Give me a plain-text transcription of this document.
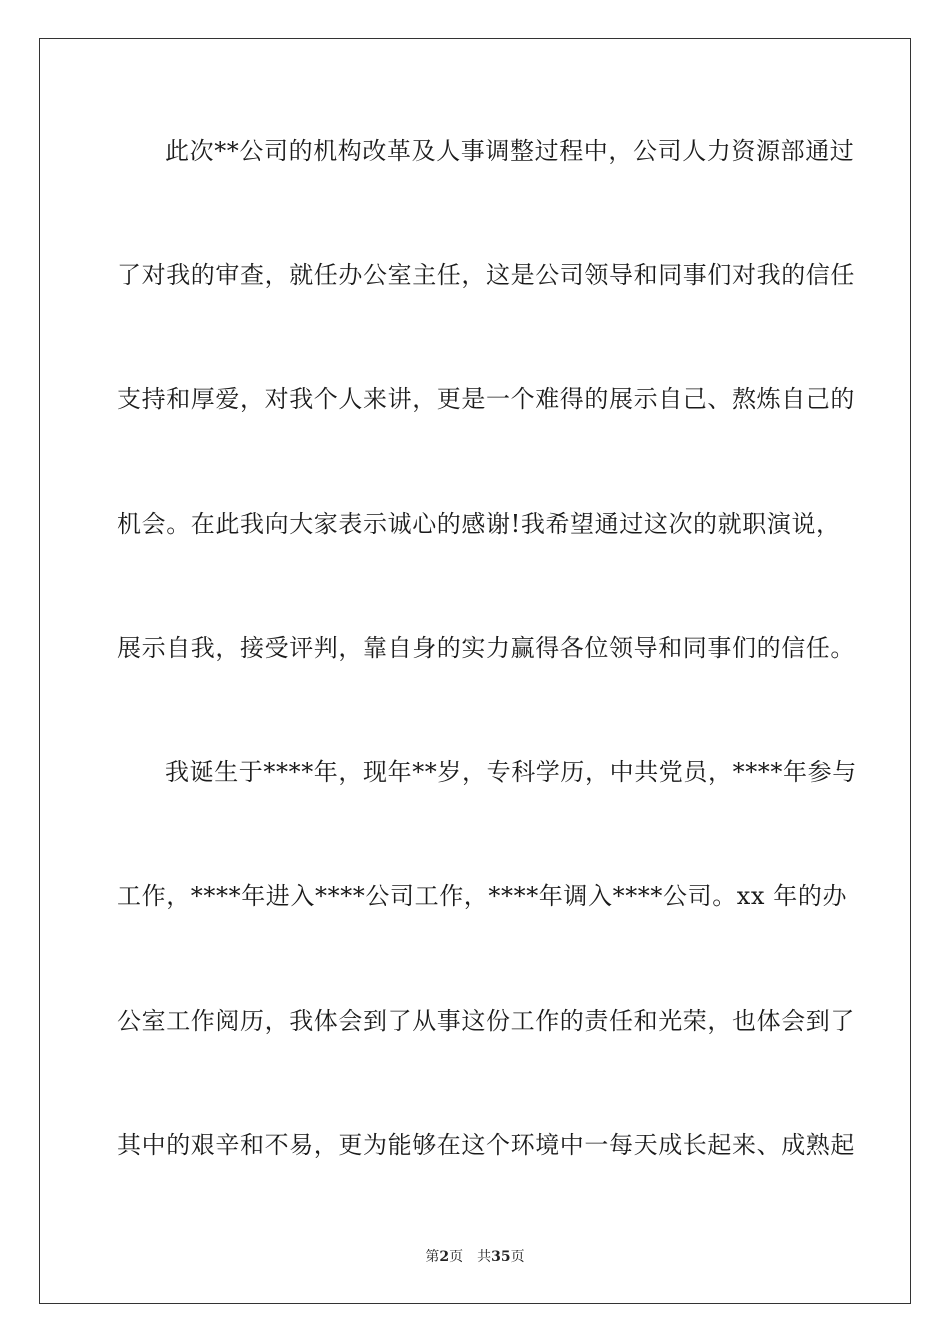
此次**公司的机构改革及人事调整过程中，公司人力资源部通过
了对我的审查，就任办公室主任，这是公司领导和同事们对我的信任
支持和厚爱，对我个人来讲，更是一个难得的展示自己、熬炼自己的
机会。在此我向大家表示诚心的感谢!我希望通过这次的就职演说，
展示自我，接受评判，靠自身的实力赢得各位领导和同事们的信任。
我诞生于****年，现年**岁，专科学历，中共党员，****年参与
工作，****年进入****公司工作，****年调入****公司。xx 年的办
公室工作阅历，我体会到了从事这份工作的责任和光荣，也体会到了
其中的艰辛和不易，更为能够在这个环境中一每天成长起来、成熟起
第2页 共35页
